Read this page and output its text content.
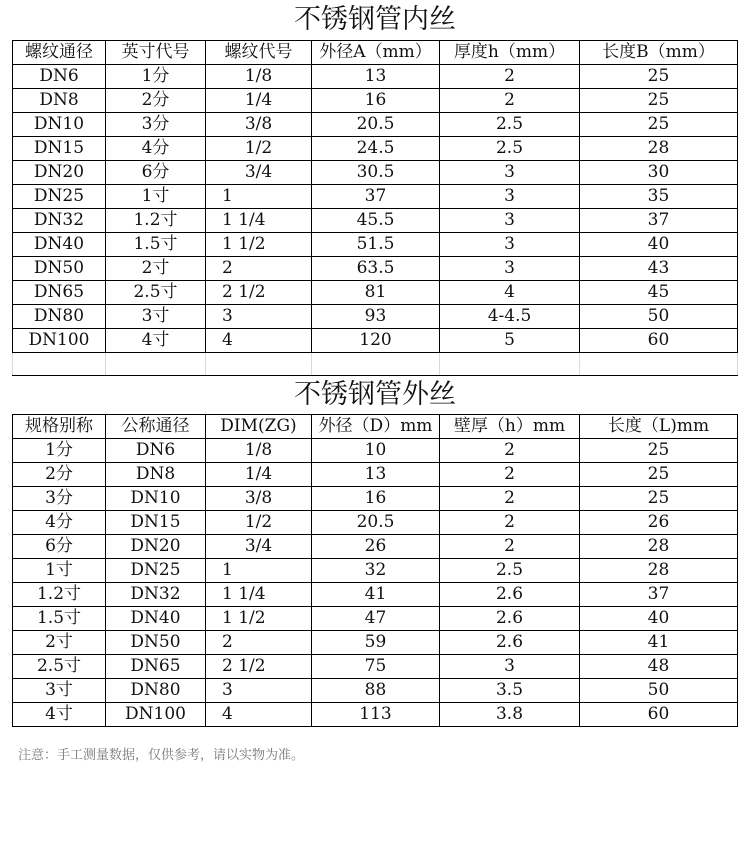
不锈钢管内丝					
螺纹通径	英寸代号	螺纹代号	外径A（mm）	厚度h（mm）	长度B（mm）
DN6	1分	1/8	13	2	25
DN8	2分	1/4	16	2	25
DN10	3分	3/8	20.5	2.5	25
DN15	4分	1/2	24.5	2.5	28
DN20	6分	3/4	30.5	3	30
DN25	1寸	1	37	3	35
DN32	1.2寸	1 1/4	45.5	3	37
DN40	1.5寸	1 1/2	51.5	3	40
DN50	2寸	2	63.5	3	43
DN65	2.5寸	2 1/2	81	4	45
DN80	3寸	3	93	4-4.5	50
DN100	4寸	4	120	5	60

不锈钢管外丝					
规格别称	公称通径	DIM(ZG)	外径（D）mm	壁厚（h）mm	长度（L)mm
1分	DN6	1/8	10	2	25
2分	DN8	1/4	13	2	25
3分	DN10	3/8	16	2	25
4分	DN15	1/2	20.5	2	26
6分	DN20	3/4	26	2	28
1寸	DN25	1	32	2.5	28
1.2寸	DN32	1 1/4	41	2.6	37
1.5寸	DN40	1 1/2	47	2.6	40
2寸	DN50	2	59	2.6	41
2.5寸	DN65	2 1/2	75	3	48
3寸	DN80	3	88	3.5	50
4寸	DN100	4	113	3.8	60
注意：手工测量数据，仅供参考，请以实物为准。
